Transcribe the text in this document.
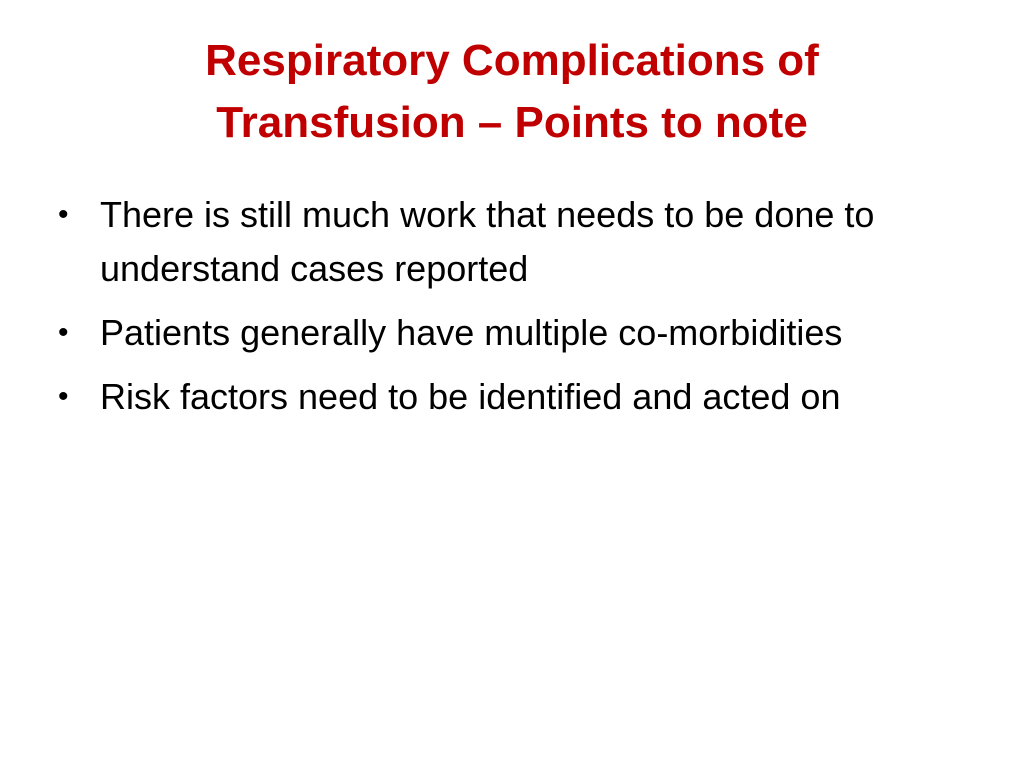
Respiratory Complications of
Transfusion – Points to note
• There is still much work that needs to be done to understand cases reported
• Patients generally have multiple co-morbidities
• Risk factors need to be identified and acted on
